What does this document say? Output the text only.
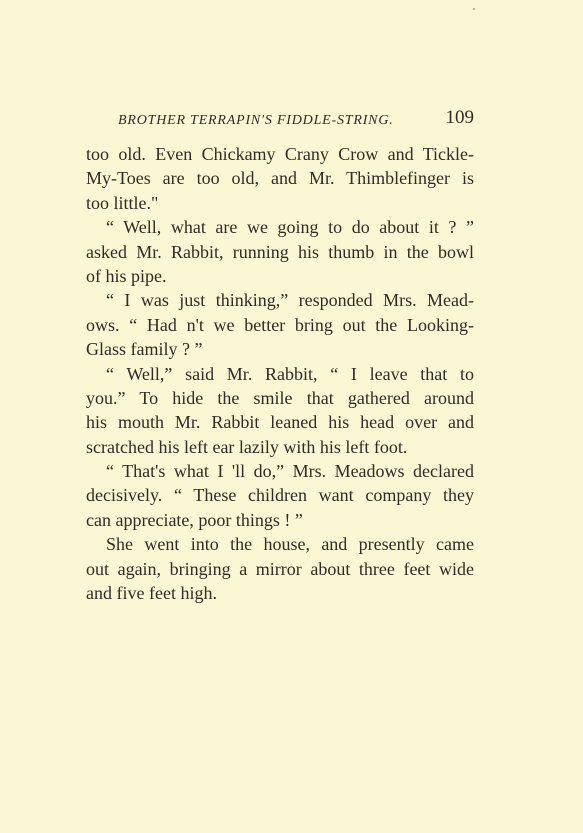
BROTHER TERRAPIN'S FIDDLE-STRING.	109
too old. Even Chickamy Crany Crow and Tickle-
My-Toes are too old, and Mr. Thimblefinger is
too little."
“ Well, what are we going to do about it ? ”
asked Mr. Rabbit, running his thumb in the bowl
of his pipe.
“ I was just thinking,” responded Mrs. Mead-
ows. “ Had n't we better bring out the Looking-
Glass family ? ”
“ Well,” said Mr. Rabbit, “ I leave that to
you.” To hide the smile that gathered around
his mouth Mr. Rabbit leaned his head over and
scratched his left ear lazily with his left foot.
“ That's what I 'll do,” Mrs. Meadows declared
decisively. “ These children want company they
can appreciate, poor things ! ”
She went into the house, and presently came
out again, bringing a mirror about three feet wide
and five feet high.
